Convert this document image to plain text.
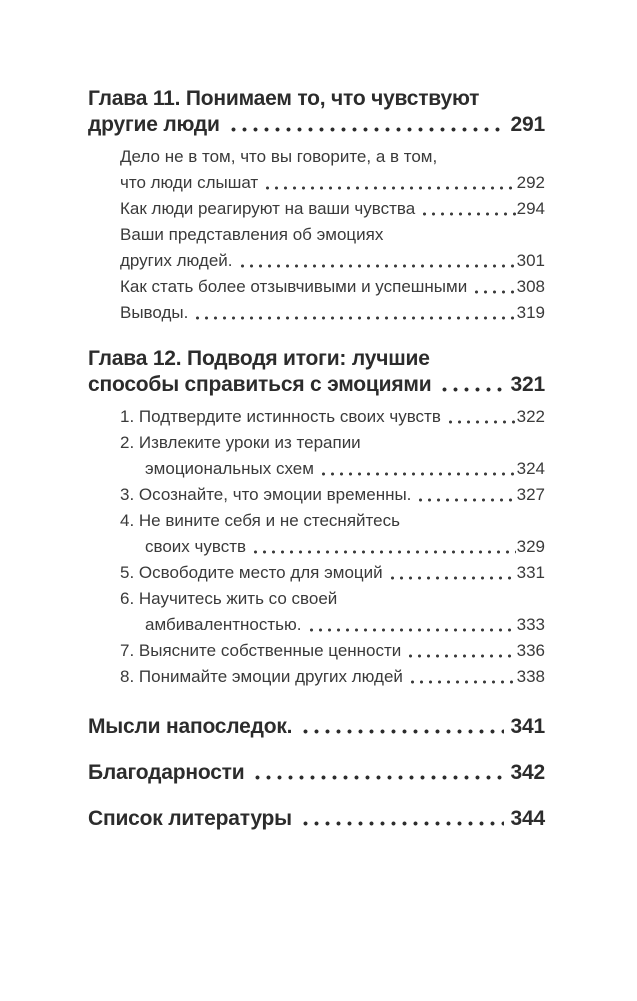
Глава 11. Понимаем то, что чувствуют

другие люди	291

Дело не в том, что вы говорите, а в том,

что люди слышат	292

Как люди реагируют на ваши чувства	294

Ваши представления об эмоциях

других людей.	301

Как стать более отзывчивыми и успешными	308

Выводы.	319

Глава 12. Подводя итоги: лучшие

способы справиться с эмоциями	321

1. Подтвердите истинность своих чувств	322

2. Извлеките уроки из терапии

эмоциональных схем	324

3. Осознайте, что эмоции временны.	327

4. Не вините себя и не стесняйтесь

своих чувств	329

5. Освободите место для эмоций	331

6. Научитесь жить со своей

амбивалентностью.	333

7. Выясните собственные ценности	336

8. Понимайте эмоции других людей	338

Мысли напоследок.	341

Благодарности	342

Список литературы	344
